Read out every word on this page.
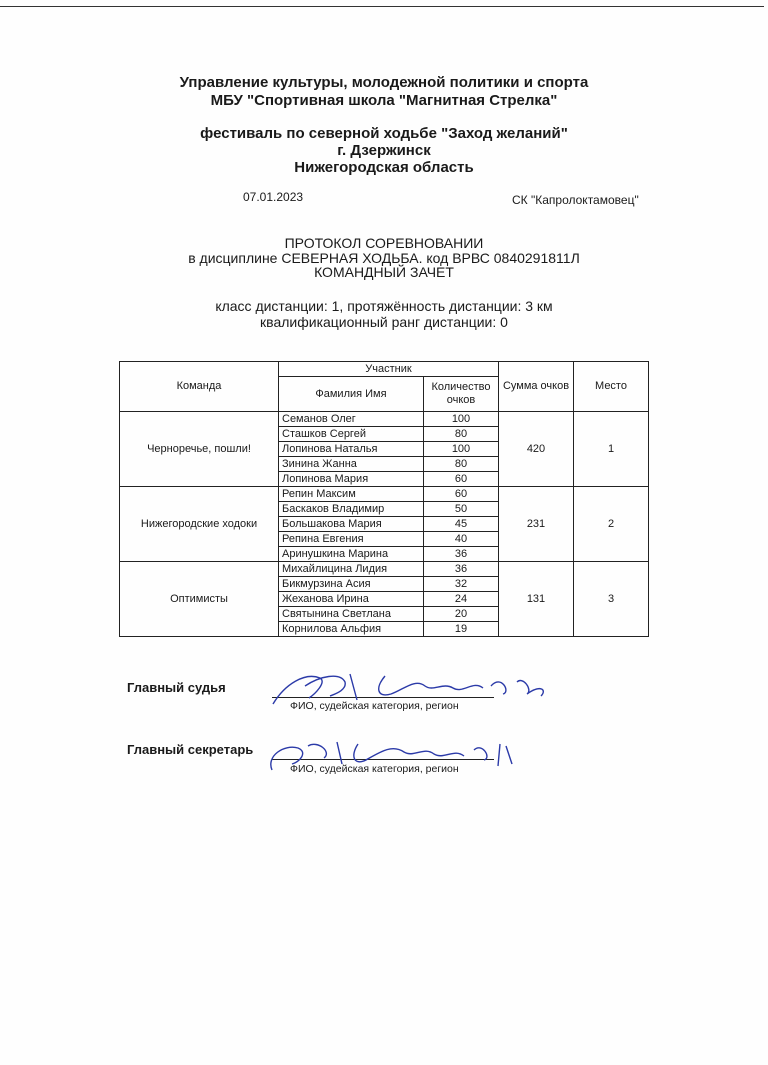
Управление культуры, молодежной политики и спорта
МБУ "Спортивная школа "Магнитная Стрелка"
фестиваль по северной ходьбе "Заход желаний"
г. Дзержинск
Нижегородская область
07.01.2023	СК "Капролоктамовец"
ПРОТОКОЛ СОРЕВНОВАНИИ
в дисциплине СЕВЕРНАЯ ХОДЬБА. код ВРВС 0840291811Л
КОМАНДНЫЙ ЗАЧЕТ
класс дистанции: 1, протяжённость дистанции: 3 км
квалификационный ранг дистанции: 0
Команда	Участник		Сумма очков	Место
	Фамилия Имя	Количество очков		
Черноречье, пошли!	Семанов Олег	100	420	1
	Сташков Сергей	80		
	Лопинова Наталья	100		
	Зинина Жанна	80		
	Лопинова Мария	60		
Нижегородские ходоки	Репин Максим	60	231	2
	Баскаков Владимир	50		
	Большакова Мария	45		
	Репина Евгения	40		
	Аринушкина Марина	36		
Оптимисты	Михайлицина Лидия	36	131	3
	Бикмурзина Асия	32		
	Жеханова Ирина	24		
	Святынина Светлана	20		
	Корнилова Альфия	19		
Главный судья
ФИО, судейская категория, регион
Главный секретарь
ФИО, судейская категория, регион
